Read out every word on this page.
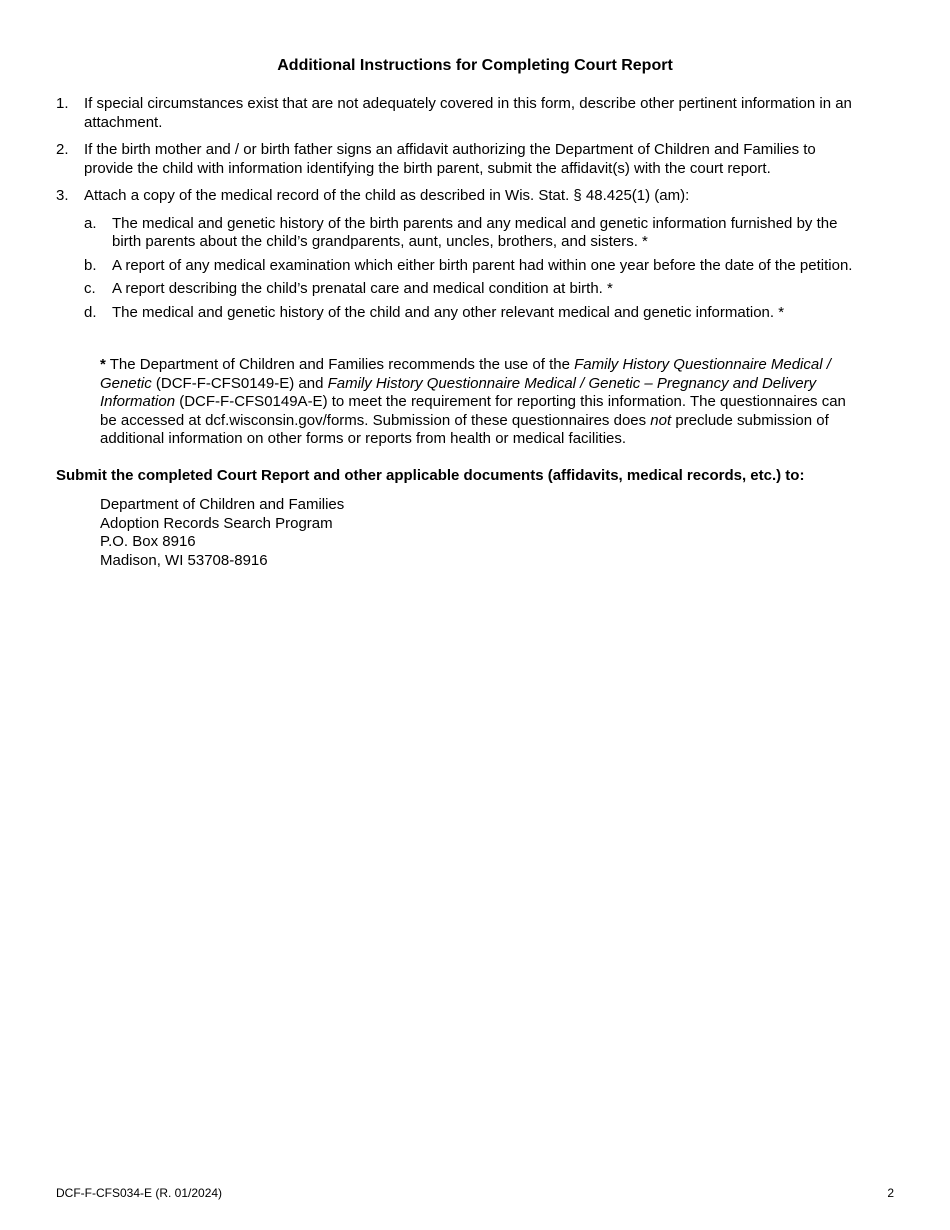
Additional Instructions for Completing Court Report
1. If special circumstances exist that are not adequately covered in this form, describe other pertinent information in an attachment.
2. If the birth mother and / or birth father signs an affidavit authorizing the Department of Children and Families to provide the child with information identifying the birth parent, submit the affidavit(s) with the court report.
3. Attach a copy of the medical record of the child as described in Wis. Stat. § 48.425(1) (am):
a. The medical and genetic history of the birth parents and any medical and genetic information furnished by the birth parents about the child’s grandparents, aunt, uncles, brothers, and sisters. *
b. A report of any medical examination which either birth parent had within one year before the date of the petition.
c. A report describing the child’s prenatal care and medical condition at birth. *
d. The medical and genetic history of the child and any other relevant medical and genetic information. *
* The Department of Children and Families recommends the use of the Family History Questionnaire Medical / Genetic (DCF-F-CFS0149-E) and Family History Questionnaire Medical / Genetic – Pregnancy and Delivery Information (DCF-F-CFS0149A-E) to meet the requirement for reporting this information. The questionnaires can be accessed at dcf.wisconsin.gov/forms. Submission of these questionnaires does not preclude submission of additional information on other forms or reports from health or medical facilities.
Submit the completed Court Report and other applicable documents (affidavits, medical records, etc.) to:
Department of Children and Families
Adoption Records Search Program
P.O. Box 8916
Madison, WI 53708-8916
DCF-F-CFS034-E (R. 01/2024)	2
